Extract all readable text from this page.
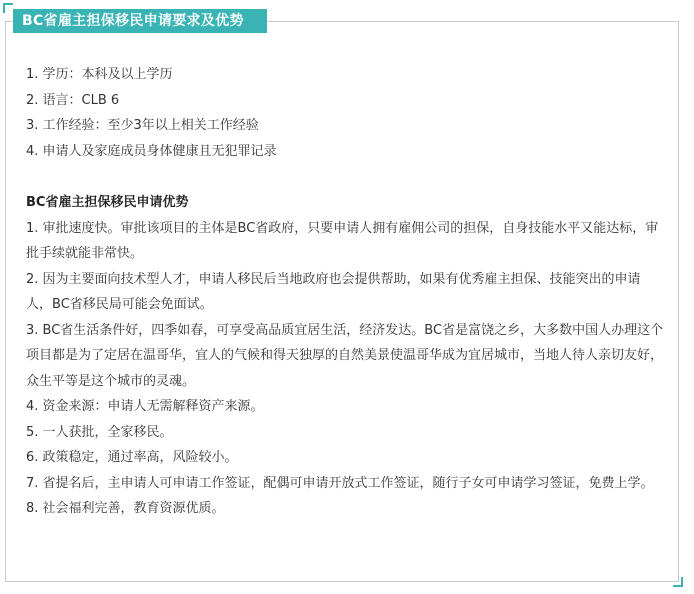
BC省雇主担保移民申请要求及优势

1. 学历：本科及以上学历

2. 语言：CLB 6

3. 工作经验：至少3年以上相关工作经验

4. 申请人及家庭成员身体健康且无犯罪记录

BC省雇主担保移民申请优势

1. 审批速度快。审批该项目的主体是BC省政府，只要申请人拥有雇佣公司的担保，自身技能水平又能达标，审批手续就能非常快。

2. 因为主要面向技术型人才，申请人移民后当地政府也会提供帮助，如果有优秀雇主担保、技能突出的申请人，BC省移民局可能会免面试。

3. BC省生活条件好，四季如春，可享受高品质宜居生活，经济发达。BC省是富饶之乡，大多数中国人办理这个项目都是为了定居在温哥华，宜人的气候和得天独厚的自然美景使温哥华成为宜居城市，当地人待人亲切友好，众生平等是这个城市的灵魂。

4. 资金来源：申请人无需解释资产来源。

5. 一人获批，全家移民。

6. 政策稳定，通过率高，风险较小。

7. 省提名后，主申请人可申请工作签证，配偶可申请开放式工作签证，随行子女可申请学习签证，免费上学。

8. 社会福利完善，教育资源优质。
